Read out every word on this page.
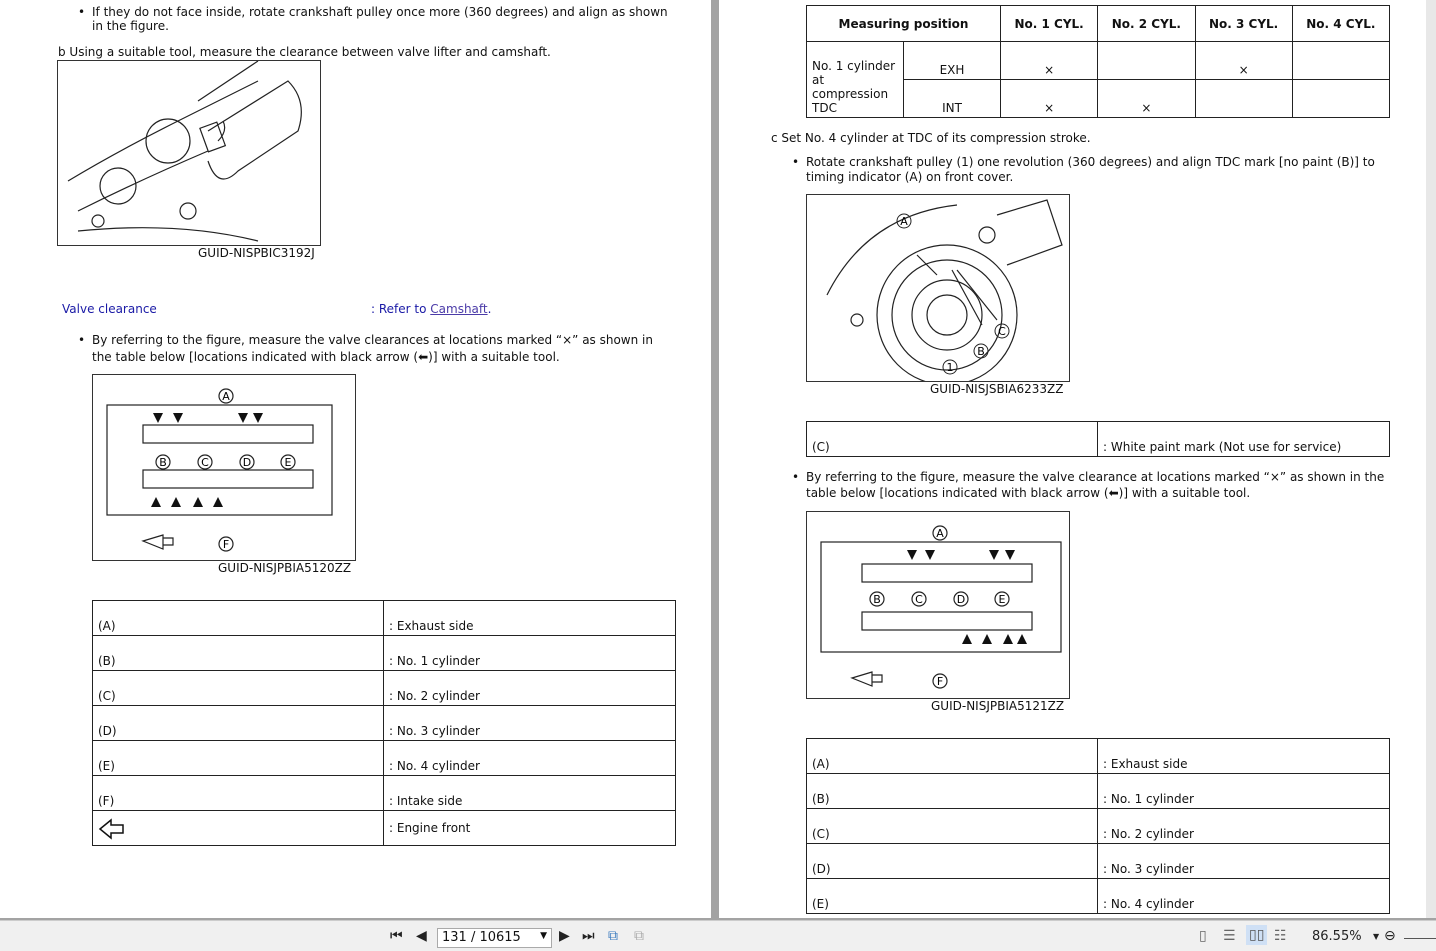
• If they do not face inside, rotate crankshaft pulley once more (360 degrees) and align as shown in the figure.
b Using a suitable tool, measure the clearance between valve lifter and camshaft.
GUID-NISPBIC3192J
Valve clearance	: Refer to Camshaft.
• By referring to the figure, measure the valve clearances at locations marked “×” as shown in the table below [locations indicated with black arrow (⬅)] with a suitable tool.
A
B	C	D	E
F
GUID-NISJPBIA5120ZZ
(A)	: Exhaust side
(B)	: No. 1 cylinder
(C)	: No. 2 cylinder
(D)	: No. 3 cylinder
(E)	: No. 4 cylinder
(F)	: Intake side
	: Engine front
Measuring position		No. 1 CYL.	No. 2 CYL.	No. 3 CYL.	No. 4 CYL.
No. 1 cylinder at compression TDC	EXH	×		×	
	INT	×	×		
c Set No. 4 cylinder at TDC of its compression stroke.
• Rotate crankshaft pulley (1) one revolution (360 degrees) and align TDC mark [no paint (B)] to timing indicator (A) on front cover.
A
B
C
1
GUID-NISJSBIA6233ZZ
(C)	: White paint mark (Not use for service)
• By referring to the figure, measure the valve clearance at locations marked “×” as shown in the table below [locations indicated with black arrow (⬅)] with a suitable tool.
A
B	C	D	E
F
GUID-NISJPBIA5121ZZ
(A)	: Exhaust side
(B)	: No. 1 cylinder
(C)	: No. 2 cylinder
(D)	: No. 3 cylinder
(E)	: No. 4 cylinder
⏮ ◀	131 / 10615 ▼ ▶ ⏭ ⧉ ⧉	▯ ☰ ▯▯ ☷ 86.55% ▼ ⊖
